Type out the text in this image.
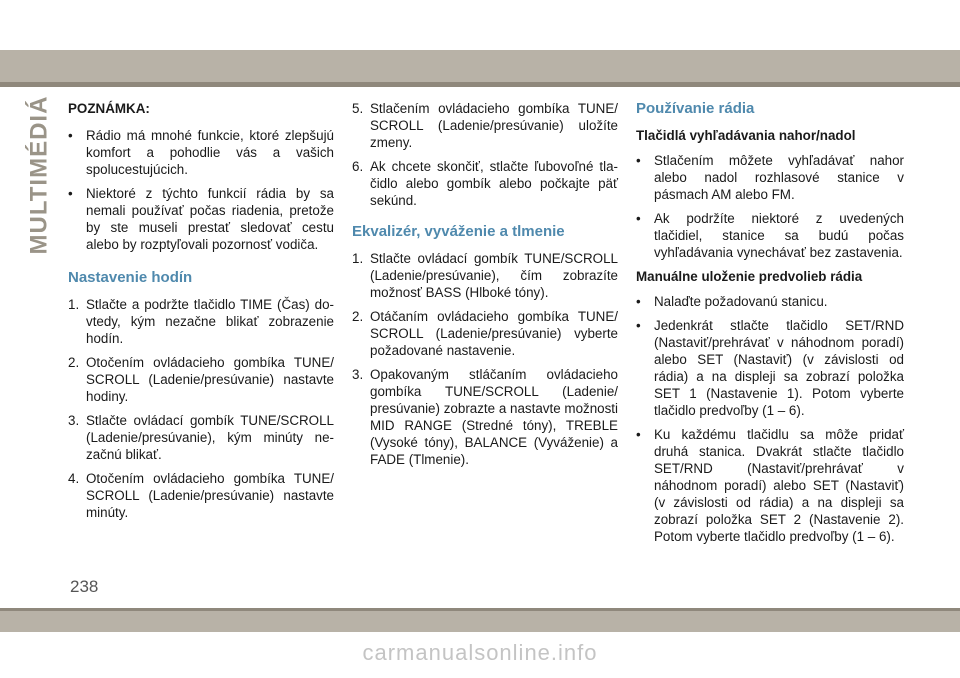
MULTIMÉDIÁ POZNÁMKA:
• Rádio má mnohé funkcie, ktoré zlepšujú komfort a pohodlie vás a vašich spolucestujúcich.
• Niektoré z týchto funkcií rádia by sa nemali používať počas riadenia, pretože by ste museli prestať sledovať cestu alebo by rozptyľovali pozornosť vodiča.
Nastavenie hodín
1. Stlačte a podržte tlačidlo TIME (Čas) dovtedy, kým nezačne blikať zobrazenie hodín.
2. Otočením ovládacieho gombíka TUNE/ SCROLL (Ladenie/presúvanie) nastavte hodiny.
3. Stlačte ovládací gombík TUNE/SCROLL (Ladenie/presúvanie), kým minúty nezačnú blikať.
4. Otočením ovládacieho gombíka TUNE/ SCROLL (Ladenie/presúvanie) nastavte minúty.
5. Stlačením ovládacieho gombíka TUNE/ SCROLL (Ladenie/presúvanie) uložíte zmeny.
6. Ak chcete skončiť, stlačte ľubovoľné tlačidlo alebo gombík alebo počkajte päť sekúnd.
Ekvalizér, vyváženie a tlmenie
1. Stlačte ovládací gombík TUNE/SCROLL (Ladenie/presúvanie), čím zobrazíte možnosť BASS (Hlboké tóny).
2. Otáčaním ovládacieho gombíka TUNE/ SCROLL (Ladenie/presúvanie) vyberte požadované nastavenie.
3. Opakovaným stláčaním ovládacieho gombíka TUNE/SCROLL (Ladenie/ presúvanie) zobrazte a nastavte možnosti MID RANGE (Stredné tóny), TREBLE (Vysoké tóny), BALANCE (Vyváženie) a FADE (Tlmenie).
Používanie rádia
Tlačidlá vyhľadávania nahor/nadol
• Stlačením môžete vyhľadávať nahor alebo nadol rozhlasové stanice v pásmach AM alebo FM.
• Ak podržíte niektoré z uvedených tlačidiel, stanice sa budú počas vyhľadávania vynechávať bez zastavenia.
Manuálne uloženie predvolieb rádia
• Nalaďte požadovanú stanicu.
• Jedenkrát stlačte tlačidlo SET/RND (Nastaviť/prehrávať v náhodnom poradí) alebo SET (Nastaviť) (v závislosti od rádia) a na displeji sa zobrazí položka SET 1 (Nastavenie 1). Potom vyberte tlačidlo predvoľby (1 – 6).
• Ku každému tlačidlu sa môže pridať druhá stanica. Dvakrát stlačte tlačidlo SET/RND (Nastaviť/prehrávať v náhodnom poradí) alebo SET (Nastaviť) (v závislosti od rádia) a na displeji sa zobrazí položka SET 2 (Nastavenie 2). Potom vyberte tlačidlo predvoľby (1 – 6).
238
carmanualsonline.info
